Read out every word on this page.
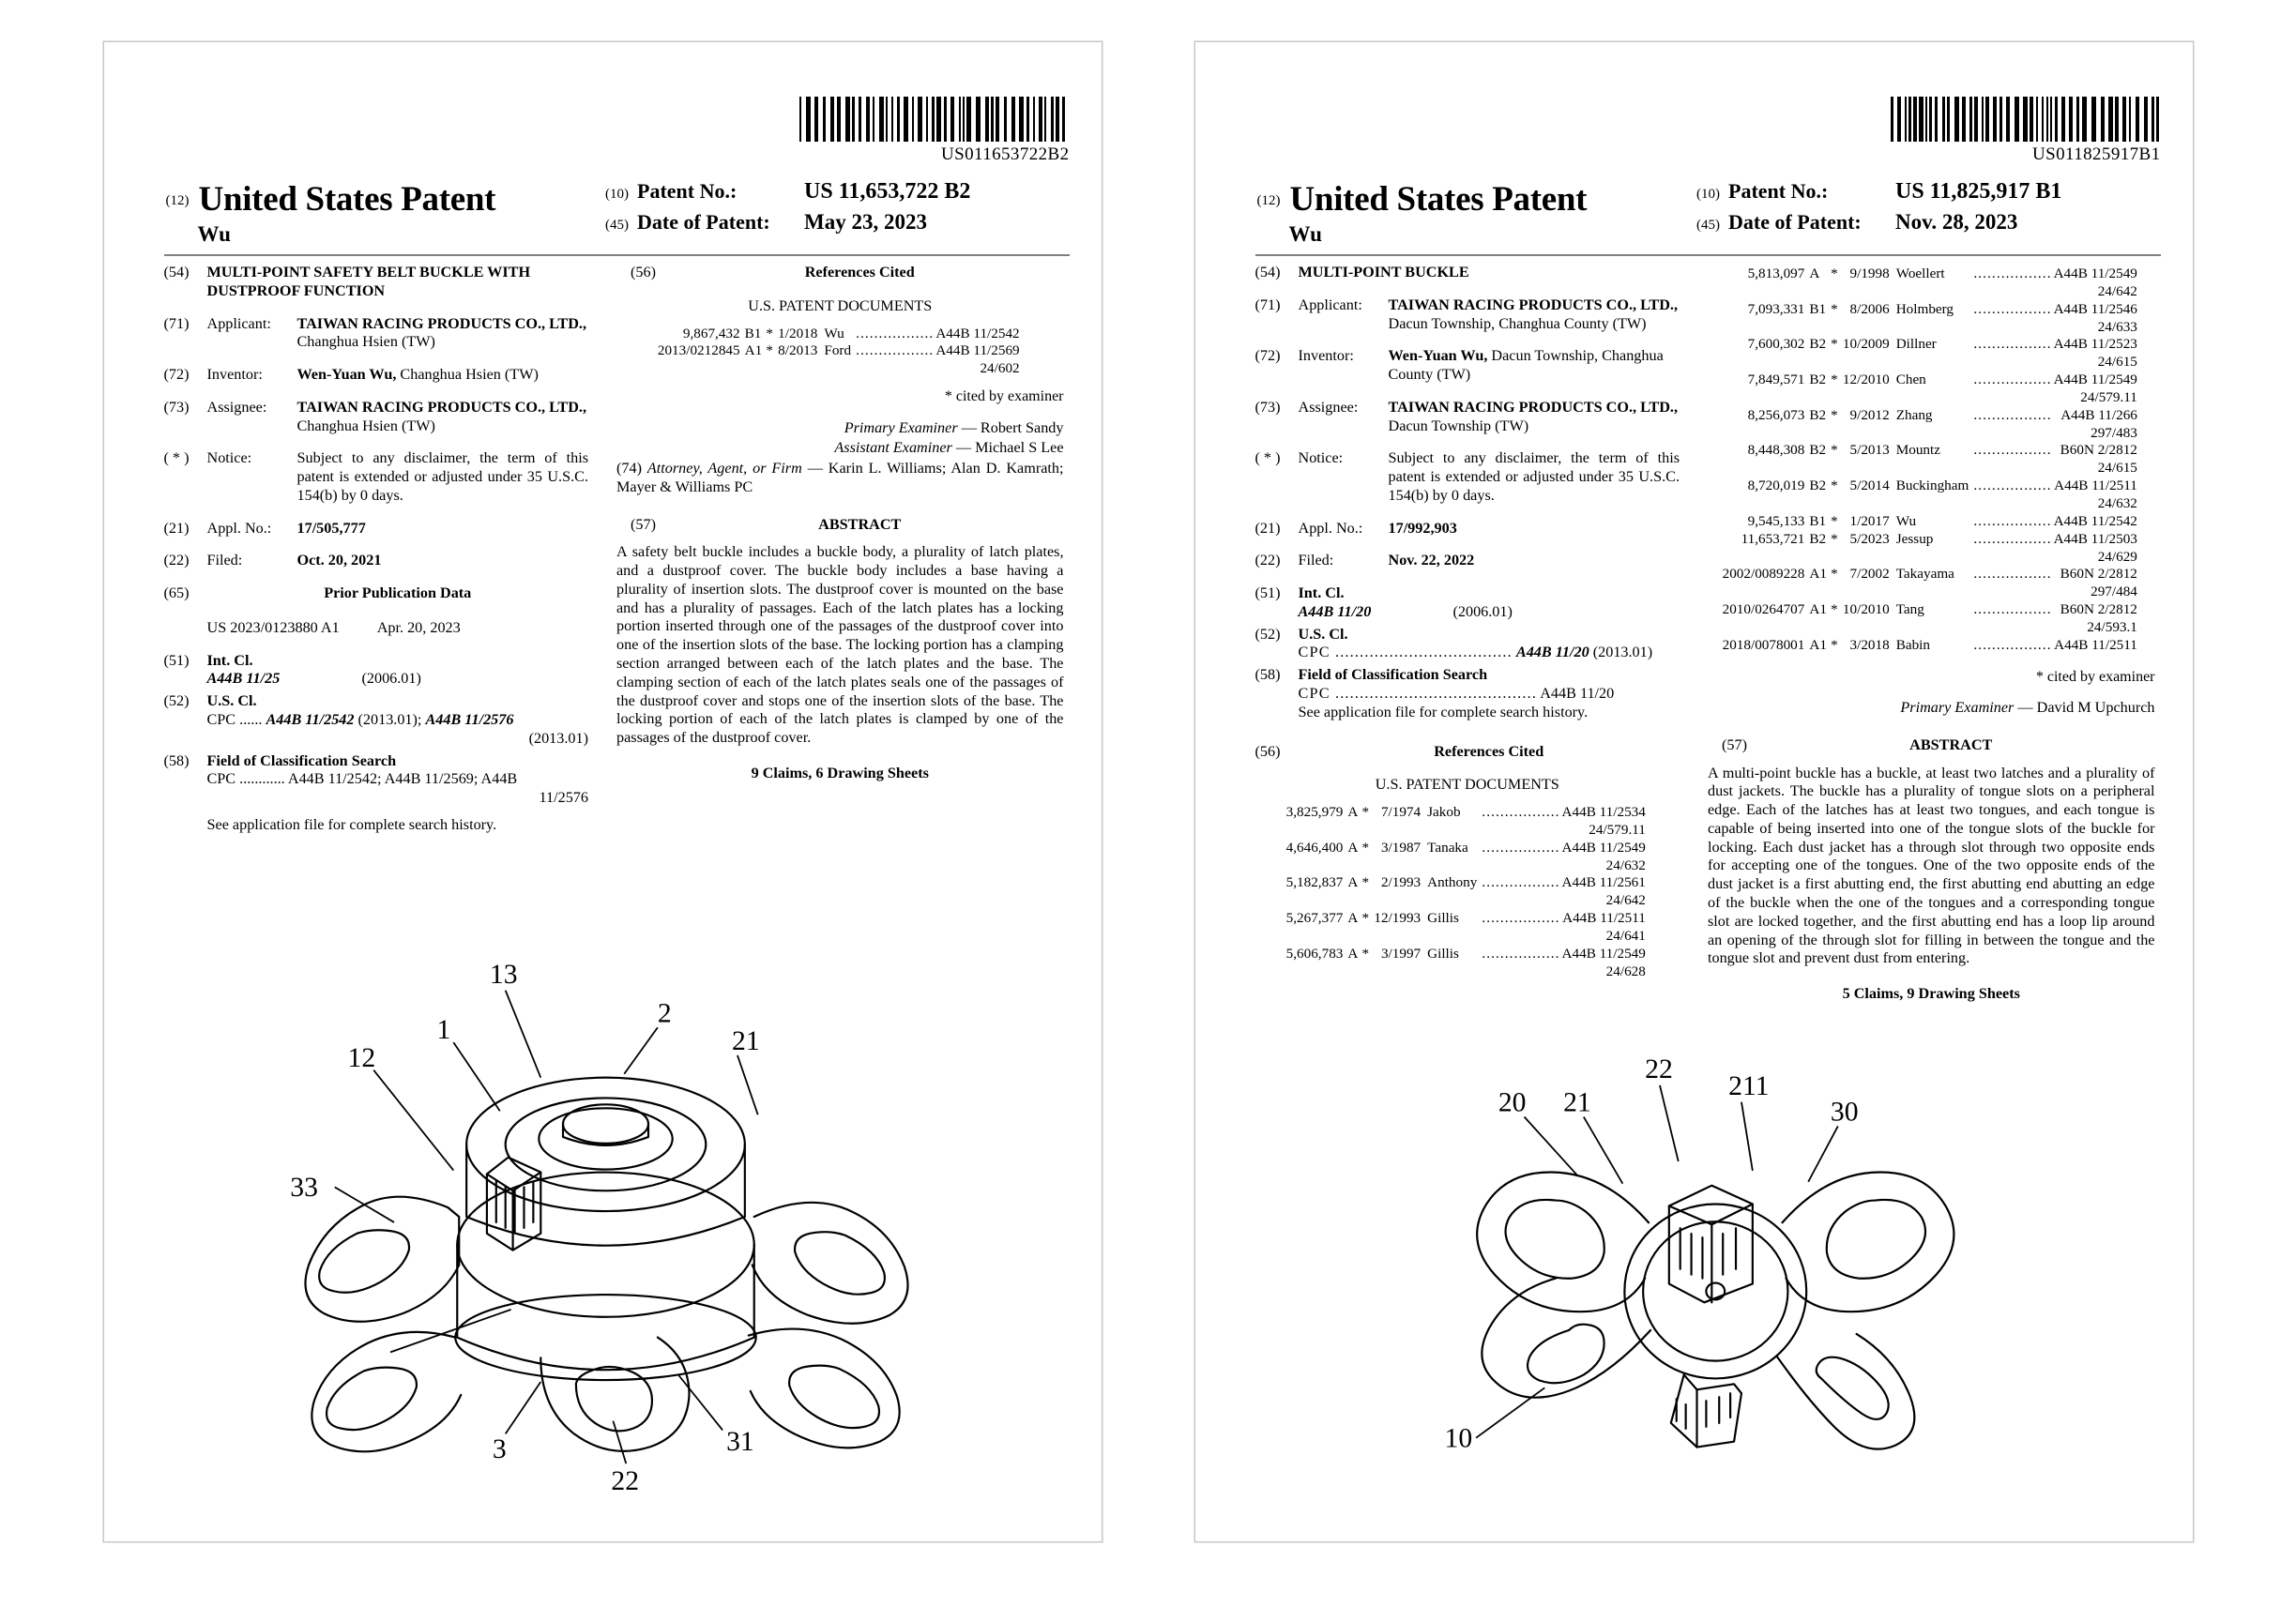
US011653722B2
(12) United States Patent
Wu
(10) Patent No.:	US 11,653,722 B2
(45) Date of Patent:	May 23, 2023
(54)	MULTI-POINT SAFETY BELT BUCKLE WITH DUSTPROOF FUNCTION
(71)	Applicant:	TAIWAN RACING PRODUCTS CO., LTD., Changhua Hsien (TW)
(72)	Inventor:	Wen-Yuan Wu, Changhua Hsien (TW)
(73)	Assignee:	TAIWAN RACING PRODUCTS CO., LTD., Changhua Hsien (TW)
( * )	Notice:	Subject to any disclaimer, the term of this patent is extended or adjusted under 35 U.S.C. 154(b) by 0 days.
(21)	Appl. No.:	17/505,777
(22)	Filed:	Oct. 20, 2021
(65)	Prior Publication Data
US 2023/0123880 A1 Apr. 20, 2023
(51)	Int. Cl.
A44B 11/25	(2006.01)
(52)	U.S. Cl.
CPC ...... A44B 11/2542 (2013.01); A44B 11/2576
(2013.01)
(58)	Field of Classification Search
CPC ............ A44B 11/2542; A44B 11/2569; A44B
11/2576
See application file for complete search history.
(56)	References Cited
U.S. PATENT DOCUMENTS
9,867,432	B1	*	1/2018	Wu	.................	A44B 11/2542
2013/0212845	A1	*	8/2013	Ford	.................	A44B 11/2569
24/602						
* cited by examiner
Primary Examiner — Robert Sandy
Assistant Examiner — Michael S Lee
(74) Attorney, Agent, or Firm — Karin L. Williams; Alan D. Kamrath; Mayer & Williams PC
(57)	ABSTRACT
A safety belt buckle includes a buckle body, a plurality of latch plates, and a dustproof cover. The buckle body includes a base having a plurality of insertion slots. The dustproof cover is mounted on the base and has a plurality of passages. Each of the latch plates has a locking portion inserted through one of the passages of the dustproof cover into one of the insertion slots of the base. The locking portion has a clamping section arranged between each of the latch plates and the base. The clamping section of each of the latch plates seals one of the passages of the dustproof cover and stops one of the insertion slots of the base. The locking portion of each of the latch plates is clamped by one of the passages of the dustproof cover.
9 Claims, 6 Drawing Sheets
13
2
1	21
12
33
3	31
22
US011825917B1
(12) United States Patent
Wu
(10) Patent No.:	US 11,825,917 B1
(45) Date of Patent:	Nov. 28, 2023
(54)	MULTI-POINT BUCKLE
(71)	Applicant:	TAIWAN RACING PRODUCTS CO., LTD., Dacun Township, Changhua County (TW)
(72)	Inventor:	Wen-Yuan Wu, Dacun Township, Changhua County (TW)
(73)	Assignee:	TAIWAN RACING PRODUCTS CO., LTD., Dacun Township (TW)
( * )	Notice:	Subject to any disclaimer, the term of this patent is extended or adjusted under 35 U.S.C. 154(b) by 0 days.
(21)	Appl. No.:	17/992,903
(22)	Filed:	Nov. 22, 2022
(51)	Int. Cl.
A44B 11/20	(2006.01)
(52)	U.S. Cl.
CPC .................................... A44B 11/20 (2013.01)
(58)	Field of Classification Search
CPC ......................................... A44B 11/20
See application file for complete search history.
(56)	References Cited
U.S. PATENT DOCUMENTS
3,825,979	A	*	7/1974	Jakob	.................	A44B 11/2534
24/579.11						
4,646,400	A	*	3/1987	Tanaka	.................	A44B 11/2549
24/632						
5,182,837	A	*	2/1993	Anthony	.................	A44B 11/2561
24/642						
5,267,377	A	*	12/1993	Gillis	.................	A44B 11/2511
24/641						
5,606,783	A	*	3/1997	Gillis	.................	A44B 11/2549
24/628						
5,813,097	A	*	9/1998	Woellert	.................	A44B 11/2549
24/642						
7,093,331	B1	*	8/2006	Holmberg	.................	A44B 11/2546
24/633						
7,600,302	B2	*	10/2009	Dillner	.................	A44B 11/2523
24/615						
7,849,571	B2	*	12/2010	Chen	.................	A44B 11/2549
24/579.11						
8,256,073	B2	*	9/2012	Zhang	.................	A44B 11/266
297/483						
8,448,308	B2	*	5/2013	Mountz	.................	B60N 2/2812
24/615						
8,720,019	B2	*	5/2014	Buckingham	.................	A44B 11/2511
24/632						
9,545,133	B1	*	1/2017	Wu	.................	A44B 11/2542
11,653,721	B2	*	5/2023	Jessup	.................	A44B 11/2503
24/629						
2002/0089228	A1	*	7/2002	Takayama	.................	B60N 2/2812
297/484						
2010/0264707	A1	*	10/2010	Tang	.................	B60N 2/2812
24/593.1						
2018/0078001	A1	*	3/2018	Babin	.................	A44B 11/2511
* cited by examiner
Primary Examiner — David M Upchurch
(57)	ABSTRACT
A multi-point buckle has a buckle, at least two latches and a plurality of dust jackets. The buckle has a plurality of tongue slots on a peripheral edge. Each of the latches has at least two tongues, and each tongue is capable of being inserted into one of the tongue slots of the buckle for locking. Each dust jacket has a through slot through two opposite ends for accepting one of the tongues. One of the two opposite ends of the dust jacket is a first abutting end, the first abutting end abutting an edge of the buckle when the one of the tongues and a corresponding tongue slot are locked together, and the first abutting end has a loop lip around an opening of the through slot for filling in between the tongue and the tongue slot and prevent dust from entering.
5 Claims, 9 Drawing Sheets
22
211
20 21	30
10
